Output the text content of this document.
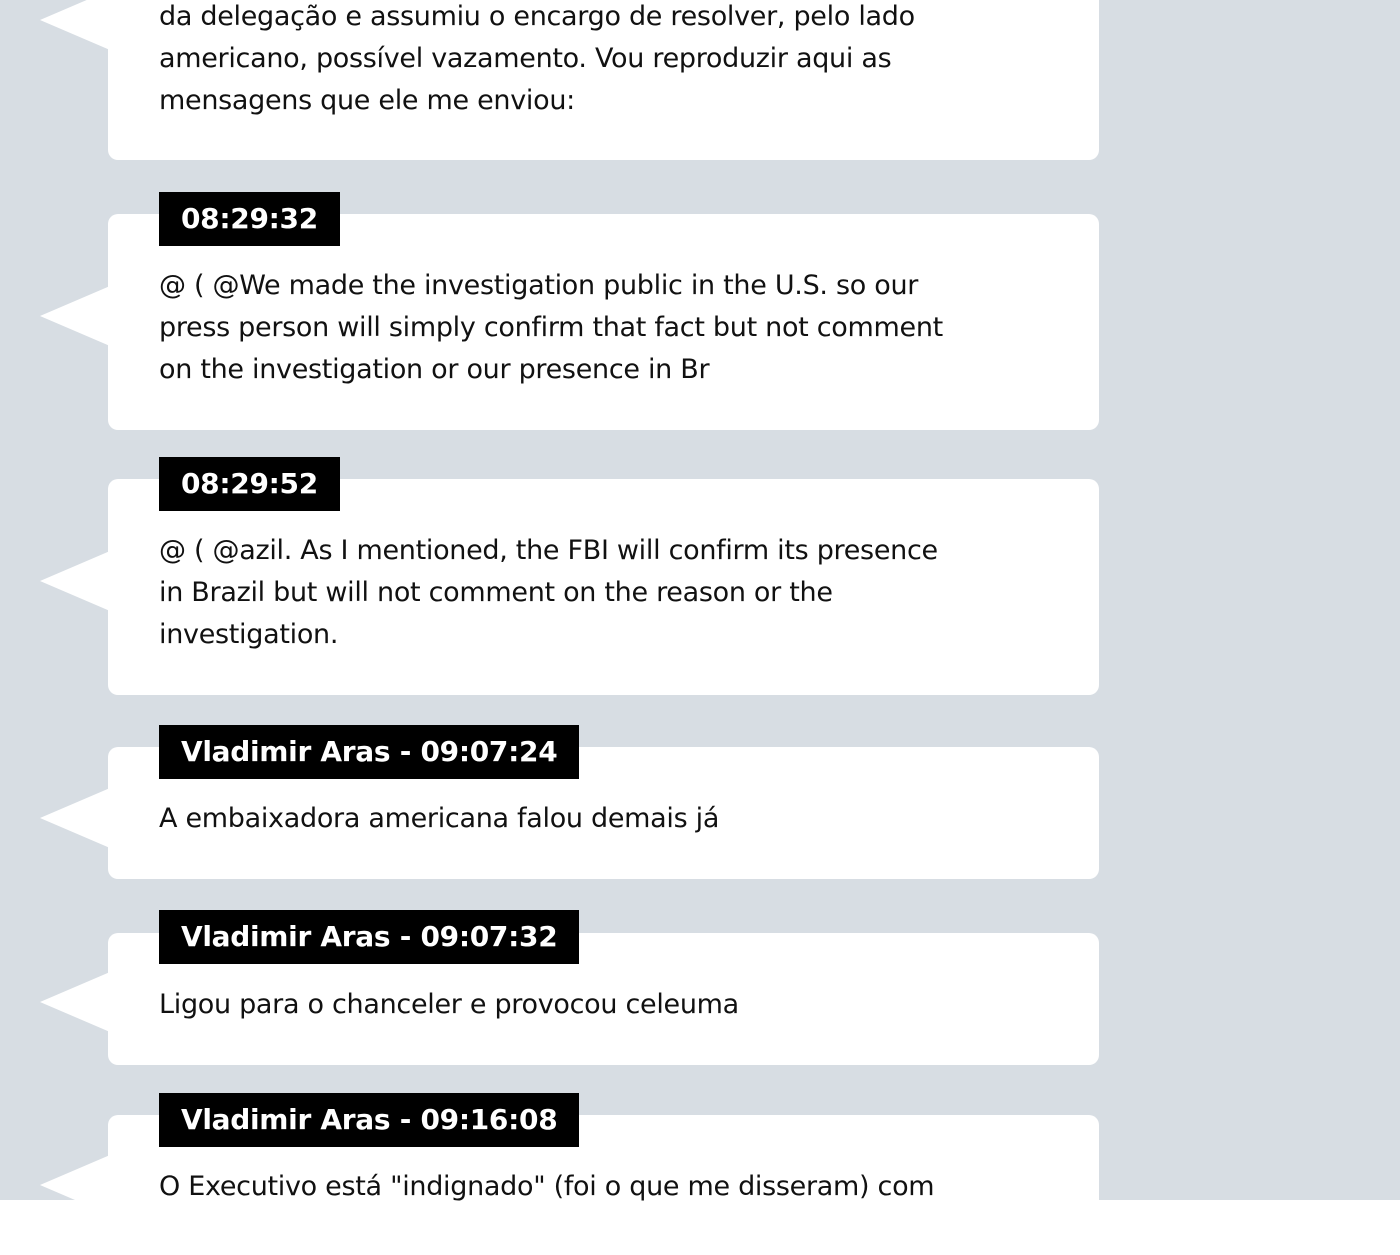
da delegação e assumiu o encargo de resolver, pelo lado
americano, possível vazamento. Vou reproduzir aqui as
mensagens que ele me enviou:
@ ( @We made the investigation public in the U.S. so our
press person will simply confirm that fact but not comment
on the investigation or our presence in Br
08:29:32
@ ( @azil. As I mentioned, the FBI will confirm its presence
in Brazil but will not comment on the reason or the
investigation.
08:29:52
A embaixadora americana falou demais já
Vladimir Aras - 09:07:24
Ligou para o chanceler e provocou celeuma
Vladimir Aras - 09:07:32
O Executivo está "indignado" (foi o que me disseram) com
Vladimir Aras - 09:16:08
